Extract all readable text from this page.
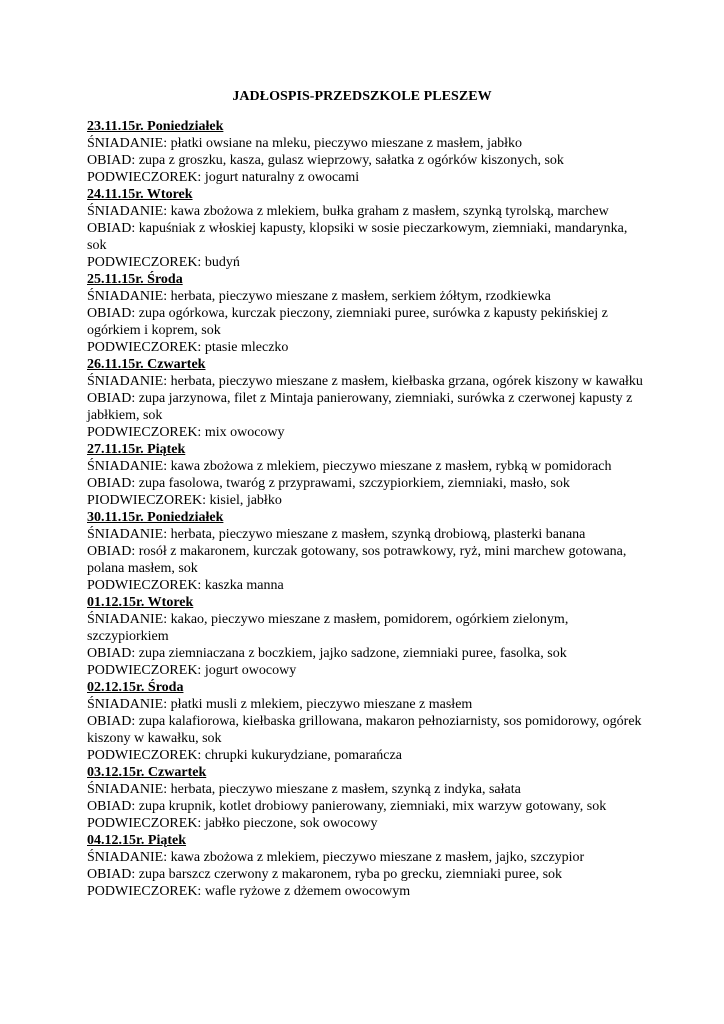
JADŁOSPIS-PRZEDSZKOLE PLESZEW

23.11.15r. Poniedziałek

ŚNIADANIE: płatki owsiane na mleku, pieczywo mieszane z masłem, jabłko

OBIAD: zupa z groszku, kasza, gulasz wieprzowy, sałatka z ogórków kiszonych, sok

PODWIECZOREK: jogurt naturalny z owocami

24.11.15r. Wtorek

ŚNIADANIE: kawa zbożowa z mlekiem, bułka graham z masłem, szynką tyrolską, marchew

OBIAD: kapuśniak z włoskiej kapusty, klopsiki w sosie pieczarkowym, ziemniaki, mandarynka, sok

PODWIECZOREK: budyń

25.11.15r. Środa

ŚNIADANIE: herbata, pieczywo mieszane z masłem, serkiem żółtym, rzodkiewka

OBIAD: zupa ogórkowa, kurczak pieczony, ziemniaki puree, surówka z kapusty pekińskiej z ogórkiem i koprem, sok

PODWIECZOREK: ptasie mleczko

26.11.15r. Czwartek

ŚNIADANIE: herbata, pieczywo mieszane z masłem, kiełbaska grzana, ogórek kiszony w kawałku

OBIAD: zupa jarzynowa, filet z Mintaja panierowany, ziemniaki, surówka z czerwonej kapusty z jabłkiem, sok

PODWIECZOREK: mix owocowy

27.11.15r. Piątek

ŚNIADANIE: kawa zbożowa z mlekiem, pieczywo mieszane z masłem, rybką w pomidorach

OBIAD: zupa fasolowa, twaróg z przyprawami, szczypiorkiem, ziemniaki, masło, sok

PIODWIECZOREK: kisiel, jabłko

30.11.15r. Poniedziałek

ŚNIADANIE: herbata, pieczywo mieszane z masłem, szynką drobiową, plasterki banana

OBIAD: rosół z makaronem, kurczak gotowany, sos potrawkowy, ryż, mini marchew gotowana, polana masłem, sok

PODWIECZOREK: kaszka manna

01.12.15r. Wtorek

ŚNIADANIE: kakao, pieczywo mieszane z masłem, pomidorem, ogórkiem zielonym, szczypiorkiem

OBIAD: zupa ziemniaczana z boczkiem, jajko sadzone, ziemniaki puree, fasolka, sok

PODWIECZOREK: jogurt owocowy

02.12.15r. Środa

ŚNIADANIE: płatki musli z mlekiem, pieczywo mieszane z masłem

OBIAD: zupa kalafiorowa, kiełbaska grillowana, makaron pełnoziarnisty, sos pomidorowy, ogórek kiszony w kawałku, sok

PODWIECZOREK: chrupki kukurydziane, pomarańcza

03.12.15r. Czwartek

ŚNIADANIE: herbata, pieczywo mieszane z masłem, szynką z indyka, sałata

OBIAD: zupa krupnik, kotlet drobiowy panierowany, ziemniaki, mix warzyw gotowany, sok

PODWIECZOREK: jabłko pieczone, sok owocowy

04.12.15r. Piątek

ŚNIADANIE: kawa zbożowa z mlekiem, pieczywo mieszane z masłem, jajko, szczypior

OBIAD: zupa barszcz czerwony z makaronem, ryba po grecku, ziemniaki puree, sok

PODWIECZOREK: wafle ryżowe z dżemem owocowym
